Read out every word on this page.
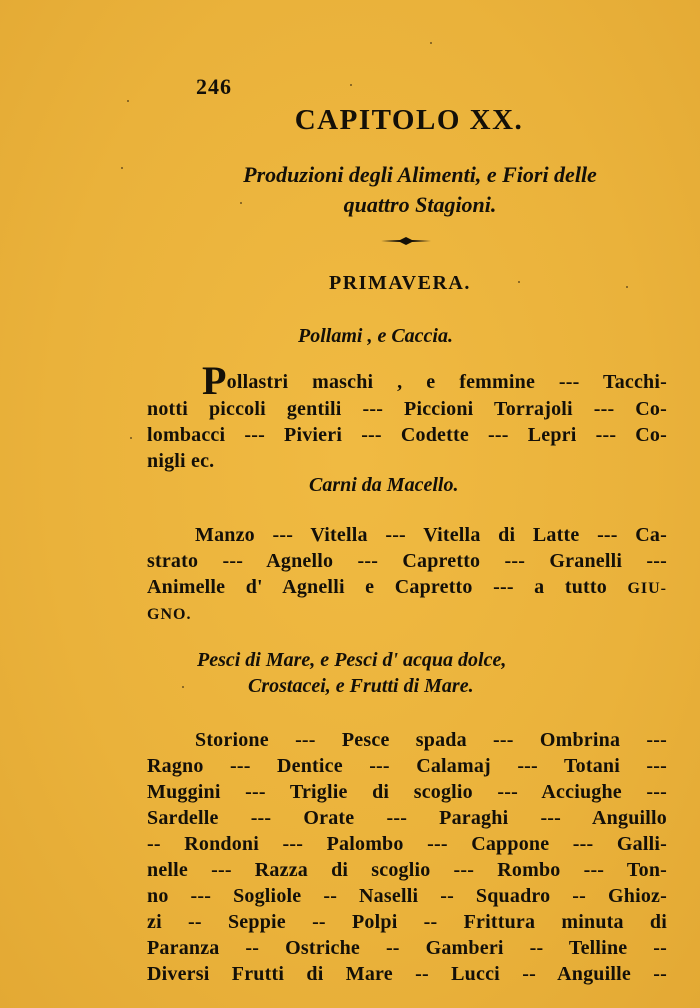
246
CAPITOLO XX.
Produzioni degli Alimenti, e Fiori delle
quattro Stagioni.
PRIMAVERA.
Pollami , e Caccia.
Pollastri maschi , e femmine --- Tacchi-
notti piccoli gentili --- Piccioni Torrajoli --- Co-
lombacci --- Pivieri --- Codette --- Lepri --- Co-
nigli ec.
Carni da Macello.
Manzo --- Vitella --- Vitella di Latte --- Ca-
strato --- Agnello --- Capretto --- Granelli ---
Animelle d' Agnelli e Capretto --- a tutto GIU-
GNO.
Pesci di Mare, e Pesci d' acqua dolce,
Crostacei, e Frutti di Mare.
Storione --- Pesce spada --- Ombrina ---
Ragno --- Dentice --- Calamaj --- Totani ---
Muggini --- Triglie di scoglio --- Acciughe ---
Sardelle --- Orate --- Paraghi --- Anguillo
-- Rondoni --- Palombo --- Cappone --- Galli-
nelle --- Razza di scoglio --- Rombo --- Ton-
no --- Sogliole -- Naselli -- Squadro -- Ghioz-
zi -- Seppie -- Polpi -- Frittura minuta di
Paranza -- Ostriche -- Gamberi -- Telline --
Diversi Frutti di Mare -- Lucci -- Anguille --
